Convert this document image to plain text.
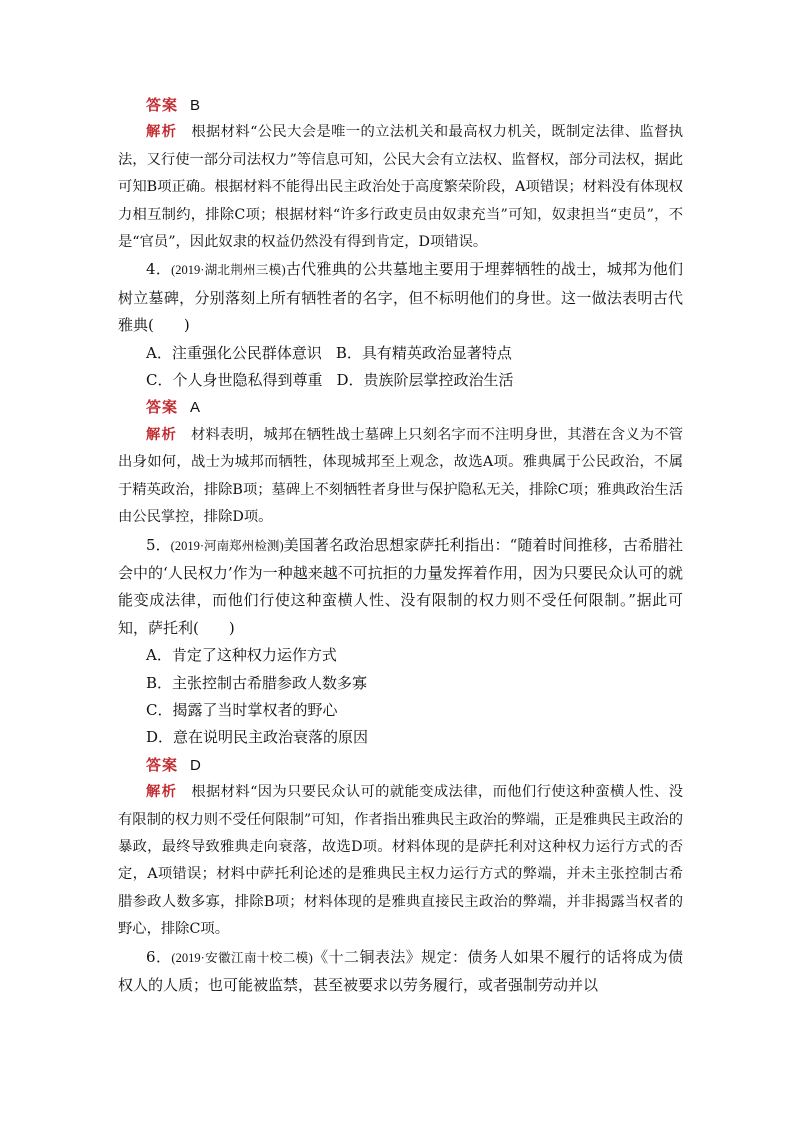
答案 B

解析 根据材料“公民大会是唯一的立法机关和最高权力机关，既制定法律、监督执法，又行使一部分司法权力”等信息可知，公民大会有立法权、监督权，部分司法权，据此可知B项正确。根据材料不能得出民主政治处于高度繁荣阶段，A项错误；材料没有体现权力相互制约，排除C项；根据材料“许多行政吏员由奴隶充当”可知，奴隶担当“吏员”，不是“官员”，因此奴隶的权益仍然没有得到肯定，D项错误。

4．(2019·湖北荆州三模)古代雅典的公共墓地主要用于埋葬牺牲的战士，城邦为他们树立墓碑，分别落刻上所有牺牲者的名字，但不标明他们的身世。这一做法表明古代雅典(　　)

A．注重强化公民群体意识 B．具有精英政治显著特点

C．个人身世隐私得到尊重 D．贵族阶层掌控政治生活

答案 A

解析 材料表明，城邦在牺牲战士墓碑上只刻名字而不注明身世，其潜在含义为不管出身如何，战士为城邦而牺牲，体现城邦至上观念，故选A项。雅典属于公民政治，不属于精英政治，排除B项；墓碑上不刻牺牲者身世与保护隐私无关，排除C项；雅典政治生活由公民掌控，排除D项。

5．(2019·河南郑州检测)美国著名政治思想家萨托利指出：“随着时间推移，古希腊社会中的‘人民权力’作为一种越来越不可抗拒的力量发挥着作用，因为只要民众认可的就能变成法律，而他们行使这种蛮横人性、没有限制的权力则不受任何限制。”据此可知，萨托利(　　)

A．肯定了这种权力运作方式

B．主张控制古希腊参政人数多寡

C．揭露了当时掌权者的野心

D．意在说明民主政治衰落的原因

答案 D

解析 根据材料“因为只要民众认可的就能变成法律，而他们行使这种蛮横人性、没有限制的权力则不受任何限制”可知，作者指出雅典民主政治的弊端，正是雅典民主政治的暴政，最终导致雅典走向衰落，故选D项。材料体现的是萨托利对这种权力运行方式的否定，A项错误；材料中萨托利论述的是雅典民主权力运行方式的弊端，并未主张控制古希腊参政人数多寡，排除B项；材料体现的是雅典直接民主政治的弊端，并非揭露当权者的野心，排除C项。

6．(2019·安徽江南十校二模)《十二铜表法》规定：债务人如果不履行的话将成为债权人的人质；也可能被监禁，甚至被要求以劳务履行，或者强制劳动并以
